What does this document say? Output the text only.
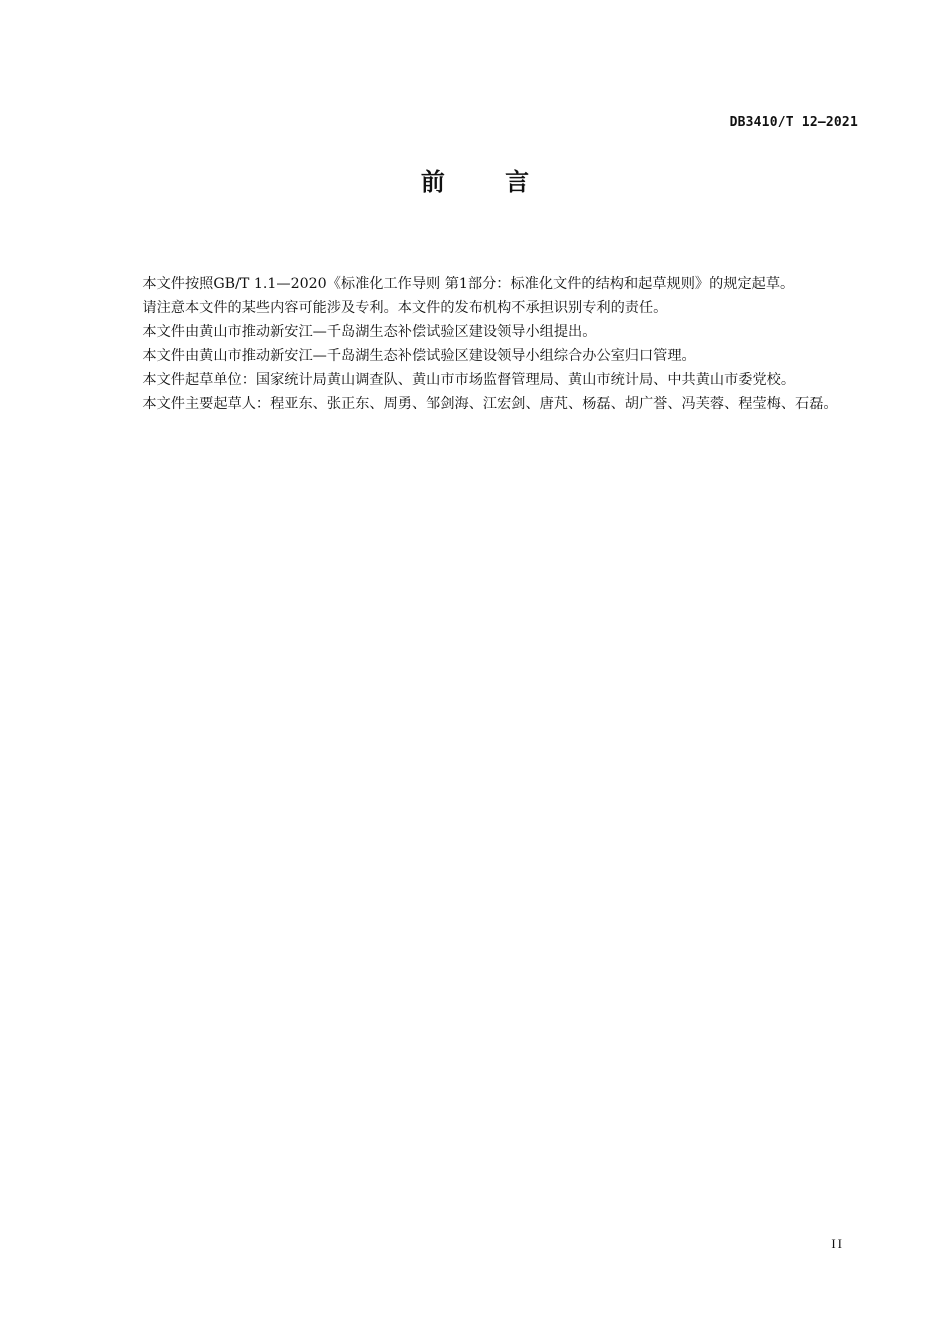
DB3410/T 12—2021
前 言

本文件按照GB/T 1.1—2020《标准化工作导则 第1部分：标准化文件的结构和起草规则》的规定起草。

请注意本文件的某些内容可能涉及专利。本文件的发布机构不承担识别专利的责任。

本文件由黄山市推动新安江—千岛湖生态补偿试验区建设领导小组提出。

本文件由黄山市推动新安江—千岛湖生态补偿试验区建设领导小组综合办公室归口管理。

本文件起草单位：国家统计局黄山调查队、黄山市市场监督管理局、黄山市统计局、中共黄山市委党校。

本文件主要起草人：程亚东、张正东、周勇、邹剑海、江宏剑、唐芃、杨磊、胡广誉、冯芙蓉、程莹梅、石磊。

II
